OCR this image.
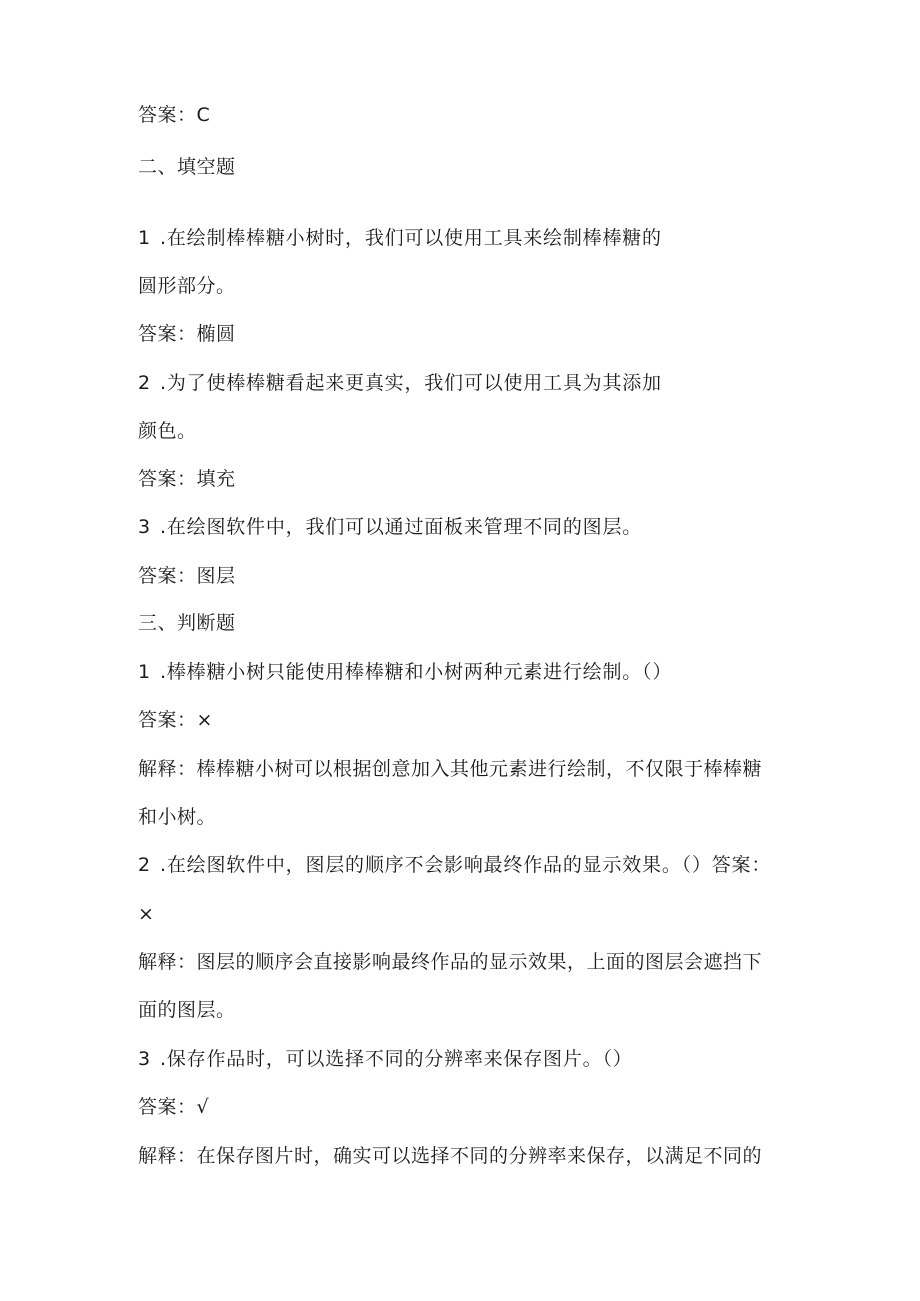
答案：C
二、填空题
1 .在绘制棒棒糖小树时，我们可以使用工具来绘制棒棒糖的
圆形部分。
答案：椭圆
2 .为了使棒棒糖看起来更真实，我们可以使用工具为其添加
颜色。
答案：填充
3 .在绘图软件中，我们可以通过面板来管理不同的图层。
答案：图层
三、判断题
1 .棒棒糖小树只能使用棒棒糖和小树两种元素进行绘制。（）
答案：×
解释：棒棒糖小树可以根据创意加入其他元素进行绘制，不仅限于棒棒糖
和小树。
2 .在绘图软件中，图层的顺序不会影响最终作品的显示效果。（）答案：
×
解释：图层的顺序会直接影响最终作品的显示效果，上面的图层会遮挡下
面的图层。
3 .保存作品时，可以选择不同的分辨率来保存图片。（）
答案：√
解释：在保存图片时，确实可以选择不同的分辨率来保存，以满足不同的
